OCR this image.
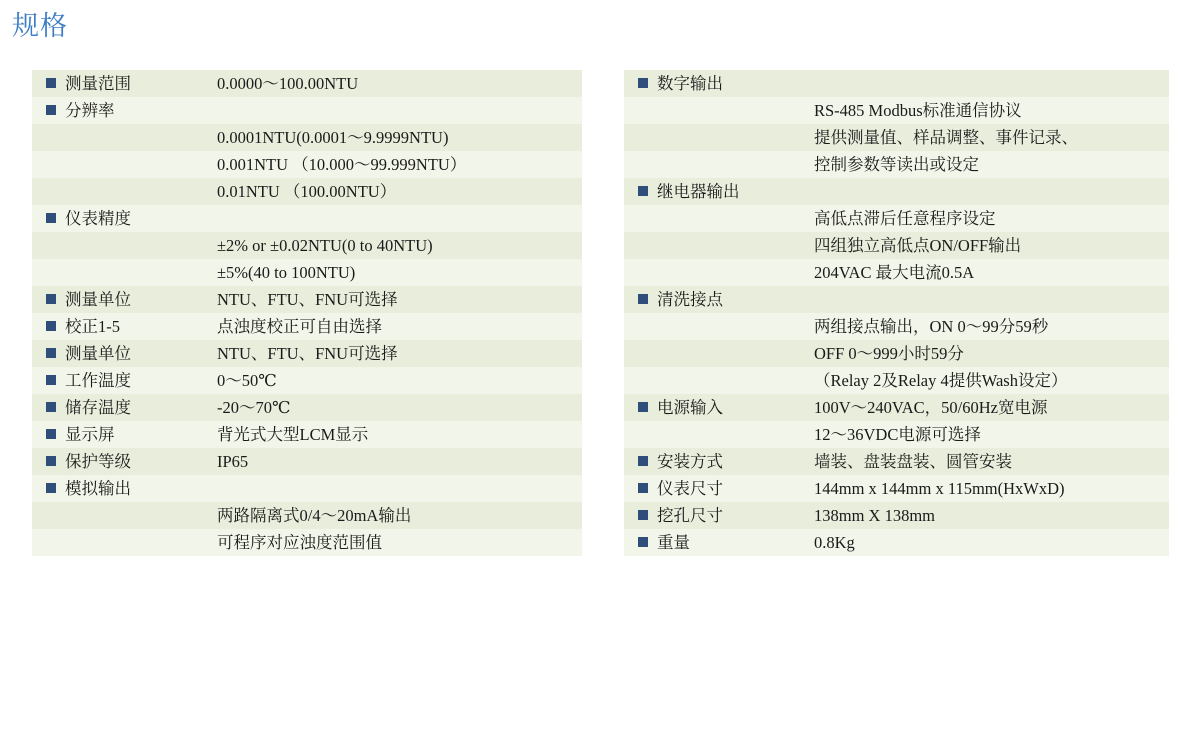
规格
测量范围	0.0000～100.00NTU
分辨率	
	0.0001NTU(0.0001～9.9999NTU)
	0.001NTU （10.000～99.999NTU）
	0.01NTU （100.00NTU）
仪表精度	
	±2% or ±0.02NTU(0 to 40NTU)
	±5%(40 to 100NTU)
测量单位	NTU、FTU、FNU可选择
校正1-5	点浊度校正可自由选择
测量单位	NTU、FTU、FNU可选择
工作温度	0～50℃
储存温度	-20～70℃
显示屏	背光式大型LCM显示
保护等级	IP65
模拟输出	
	两路隔离式0/4～20mA输出
	可程序对应浊度范围值
数字输出	
	RS-485 Modbus标准通信协议
	提供测量值、样品调整、事件记录、
	控制参数等读出或设定
继电器输出	
	高低点滞后任意程序设定
	四组独立高低点ON/OFF输出
	204VAC 最大电流0.5A
清洗接点	
	两组接点输出，ON 0～99分59秒
	OFF 0～999小时59分
	（Relay 2及Relay 4提供Wash设定）
电源输入	100V～240VAC，50/60Hz宽电源
	12～36VDC电源可选择
安装方式	墙装、盘装盘装、圆管安装
仪表尺寸	144mm x 144mm x 115mm(HxWxD)
挖孔尺寸	138mm X 138mm
重量	0.8Kg
